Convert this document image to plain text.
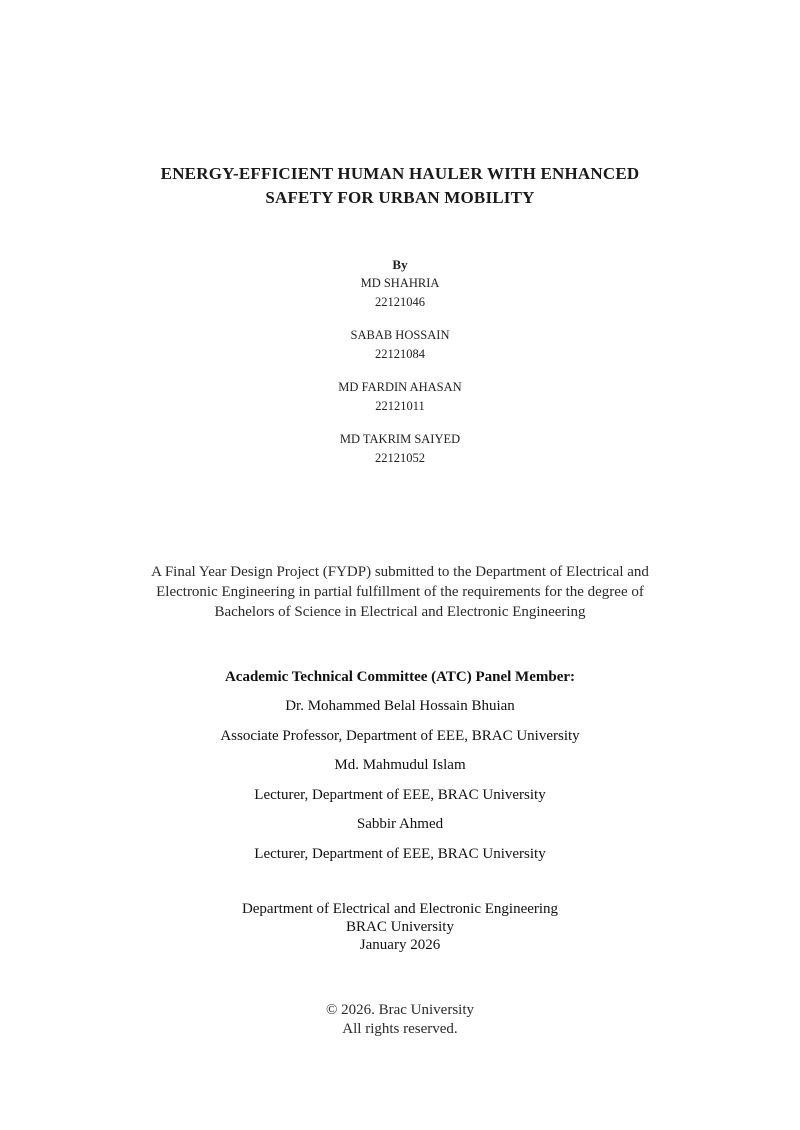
ENERGY-EFFICIENT HUMAN HAULER WITH ENHANCED
SAFETY FOR URBAN MOBILITY
By
MD SHAHRIA
22121046
SABAB HOSSAIN
22121084
MD FARDIN AHASAN
22121011
MD TAKRIM SAIYED
22121052
A Final Year Design Project (FYDP) submitted to the Department of Electrical and
Electronic Engineering in partial fulfillment of the requirements for the degree of
Bachelors of Science in Electrical and Electronic Engineering
Academic Technical Committee (ATC) Panel Member:
Dr. Mohammed Belal Hossain Bhuian
Associate Professor, Department of EEE, BRAC University
Md. Mahmudul Islam
Lecturer, Department of EEE, BRAC University
Sabbir Ahmed
Lecturer, Department of EEE, BRAC University
Department of Electrical and Electronic Engineering
BRAC University
January 2026
© 2026. Brac University
All rights reserved.
